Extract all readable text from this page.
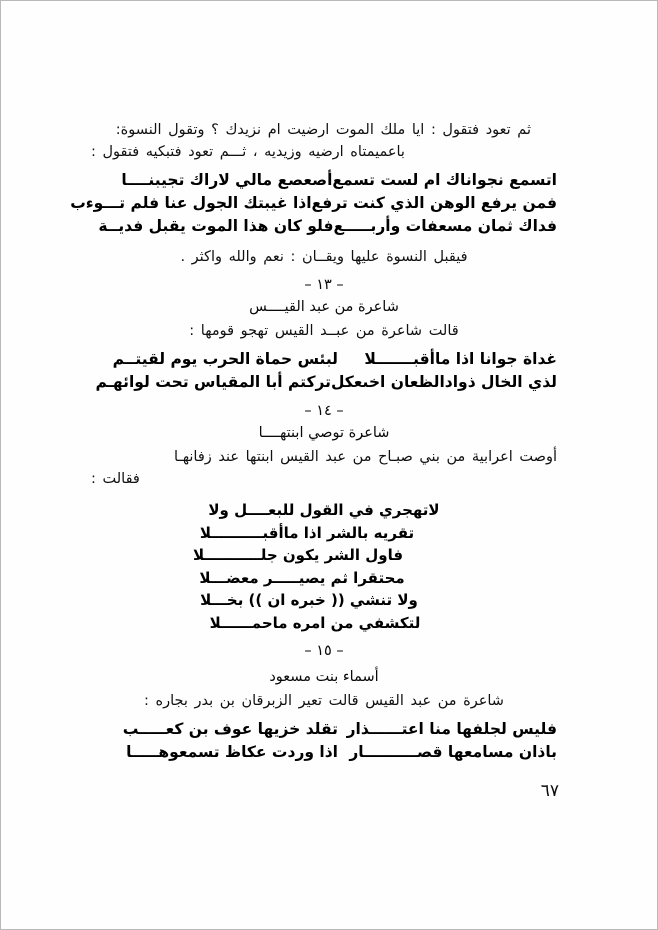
ثم تعود فتقول : ايا ملك الموت ارضيت ام نزيدك ؟ وتقول النسوة:
باعميمتاه ارضيه وزيديه ، ثـــم تعود فتبكيه فتقول :
اتسمع نجواناك ام لست تسمع
أصعصع مالي لاراك تجيبنــــا
فمن يرفع الوهن الذي كنت ترفع
اذا غيبتك الجول عنا فلم تـــوءب
فداك ثمان مسعفات وأربـــــع
فلو كان هذا الموت يقبل فديــة
فيقبل النسوة عليها ويقــان : نعم والله واكثر .
– ١٣ –
شاعرة من عبد القيــــس
قالت شاعرة من عبــد القيس تهجو قومها :
غداة جوانا اذا ماأقبـــــــلا
لبئس حماة الحرب يوم لقيتــم
لذي الخال ذوادالظعان اخىعكل
تركتم أبا المقياس تحت لوائهـم
– ١٤ –
شاعرة توصي ابنتهــــا
أوصت اعرابية من بني صبـاح من عبد القيس ابنتها عند زفانهـا
فقالت :
لاتهجري في القول للبعــــل ولا
تقريه بالشر اذا ماأقبــــــــــلا
فاول الشر يكون جلـــــــــــلا
محتقرا ثم يصيـــــر معضـــلا
ولا تنشي (( خبره ان )) بخـــلا
لتكشفي من امره ماحمــــــلا
– ١٥ –
أسماء بنت مسعود
شاعرة من عبد القيس قالت تعير الزبرقان بن بدر بجاره :
فليس لجلفها منا اعتــــــذار
تقلد خزيها عوف بن كعـــــب
باذان مسامعها قصــــــــــار
اذا وردت عكاظ تسمعوهـــــا
٦٧
